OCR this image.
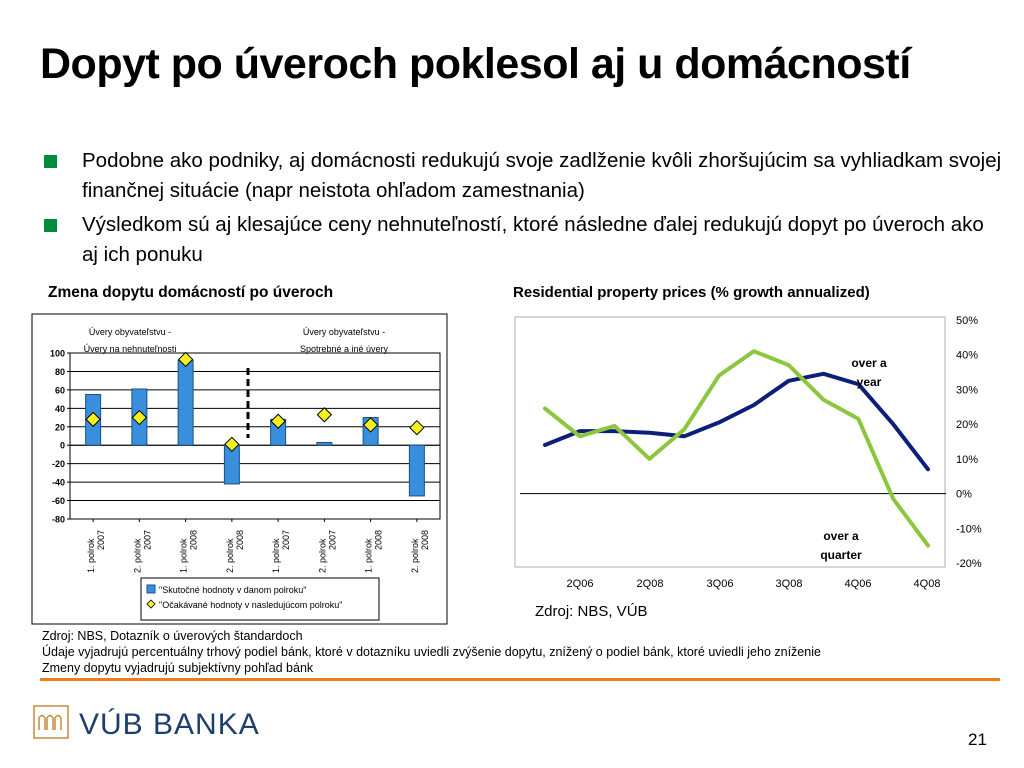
Dopyt po úveroch poklesol aj u domácností
Podobne ako podniky, aj domácnosti redukujú svoje zadlženie kvôli zhoršujúcim sa vyhliadkam svojej finančnej situácie (napr neistota ohľadom zamestnania)
Výsledkom sú aj klesajúce ceny nehnuteľností, ktoré následne ďalej redukujú dopyt po úveroch ako aj ich ponuku
Zmena dopytu domácností po úveroch	Residential property prices (% growth annualized)
100
80
60
40
20
0
-20
-40
-60
-80
1. polrok 2007	2. polrok 2007	1. polrok 2008	2. polrok 2008	1. polrok 2007	2. polrok 2007	1. polrok 2008	2. polrok 2008
Úvery obyvateľstvu -
Úvery na nehnuteľnosti
Úvery obyvateľstvu -
Spotrebné a iné úvery
"Skutočné hodnoty v danom polroku"
"Očakávané hodnoty v nasledujúcom polroku"
50%
40%
30%
20%
10%
0%
-10%
-20%
2Q06	2Q08	3Q06	3Q08	4Q06	4Q08
over a
year
over a
quarter
Zdroj: NBS, VÚB
Zdroj: NBS, Dotazník o úverových štandardoch
Údaje vyjadrujú percentuálny trhový podiel bánk, ktoré v dotazníku uviedli zvýšenie dopytu, znížený o podiel bánk, ktoré uviedli jeho zníženie
Zmeny dopytu vyjadrujú subjektívny pohľad bánk
VÚB BANKA	21
